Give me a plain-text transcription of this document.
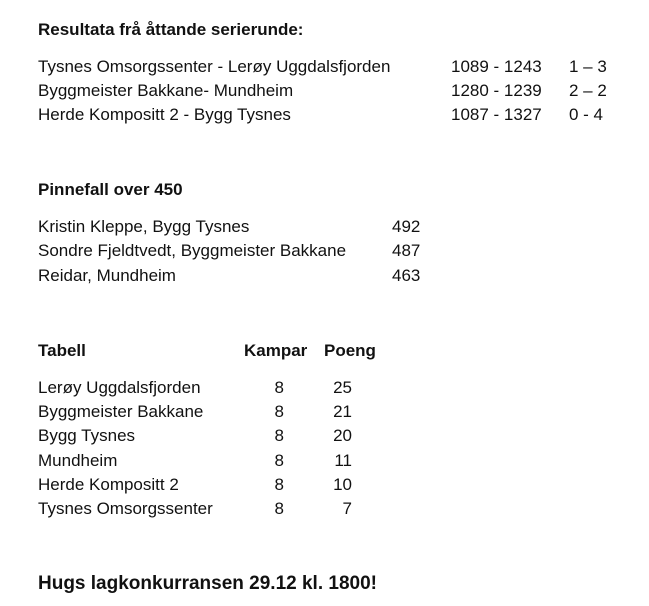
Resultata frå åttande serierunde:
Tysnes Omsorgssenter - Lerøy Uggdalsfjorden	1089 - 1243 1 – 3
Byggmeister Bakkane- Mundheim	1280 - 1239 2 – 2
Herde Kompositt 2 - Bygg Tysnes	1087 - 1327 0 - 4
Pinnefall over 450
Kristin Kleppe, Bygg Tysnes	492
Sondre Fjeldtvedt, Byggmeister Bakkane	487
Reidar, Mundheim	463
Tabell	Kampar Poeng
Lerøy Uggdalsfjorden	8	25
Byggmeister Bakkane	8	21
Bygg Tysnes	8	20
Mundheim	8	11
Herde Kompositt 2	8	10
Tysnes Omsorgssenter	8	7
Hugs lagkonkurransen 29.12 kl. 1800!
